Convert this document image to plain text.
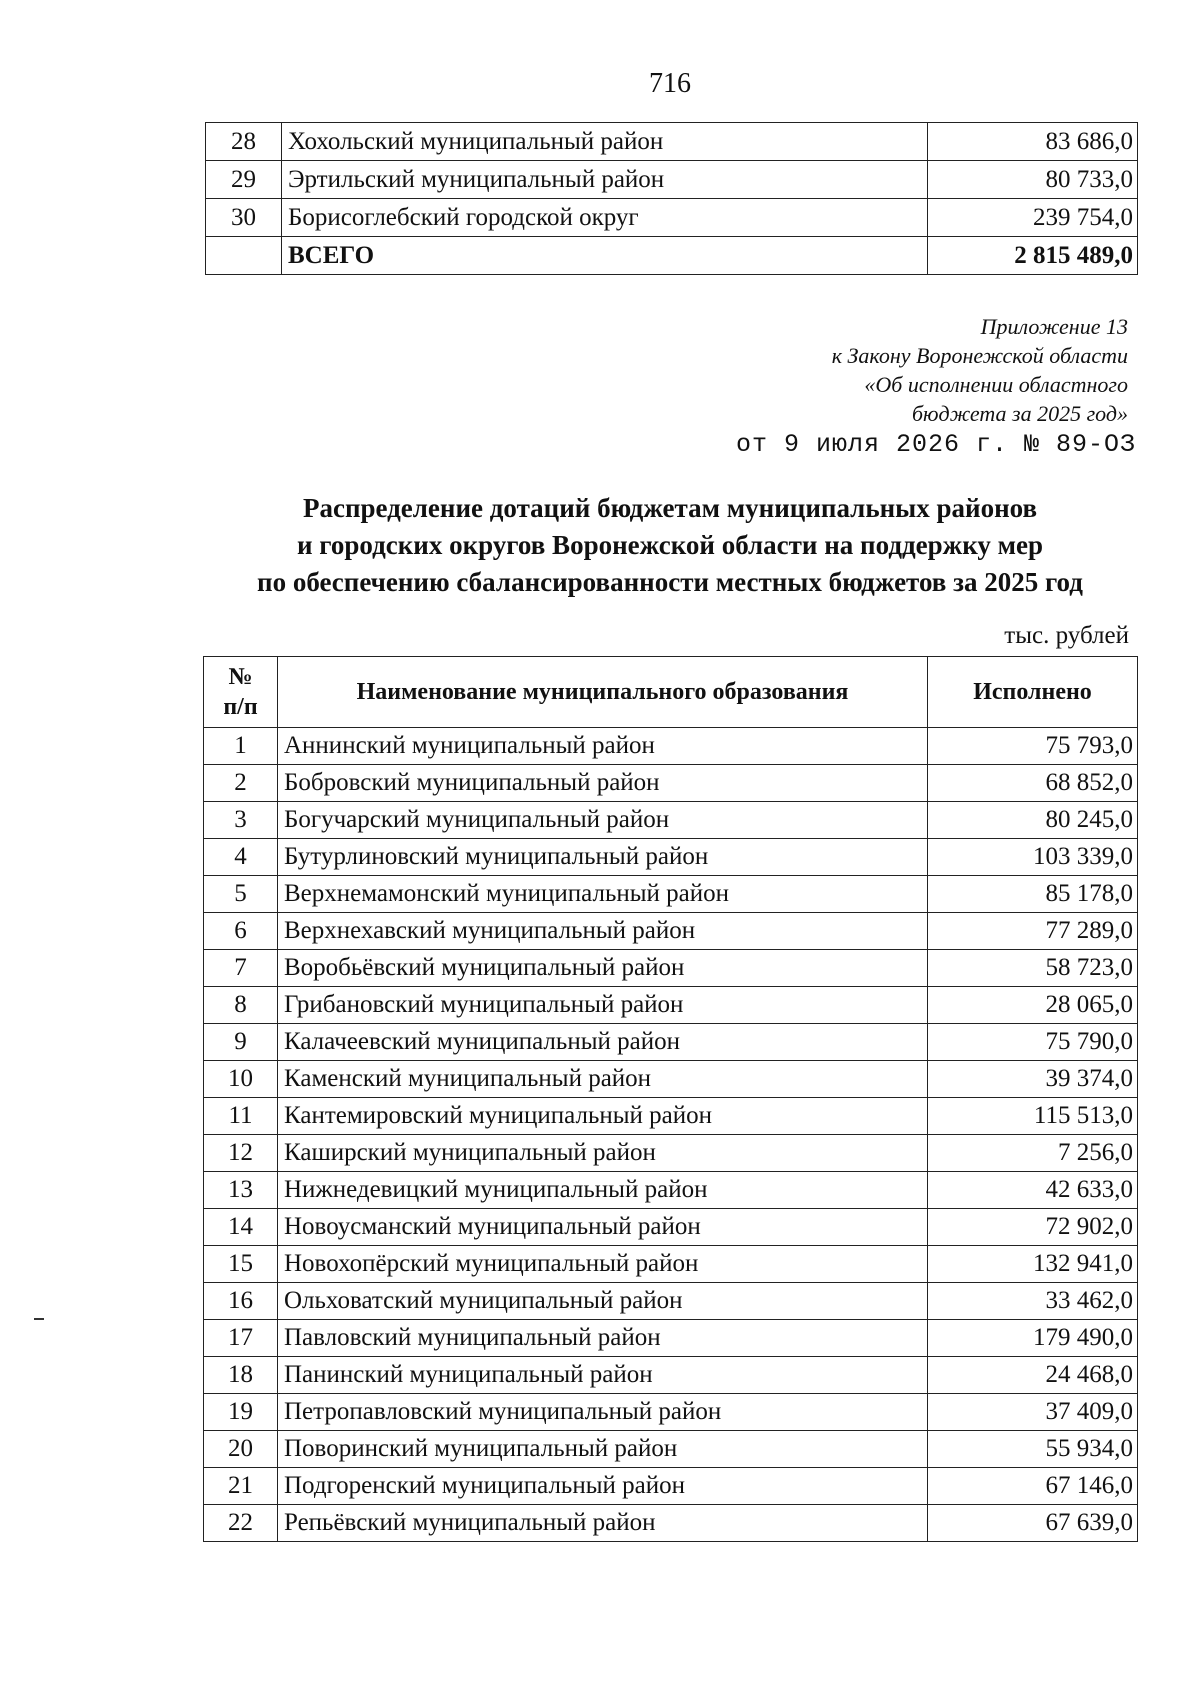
716
28	Хохольский муниципальный район	83 686,0
29	Эртильский муниципальный район	80 733,0
30	Борисоглебский городской округ	239 754,0
	ВСЕГО	2 815 489,0
Приложение 13
к Закону Воронежской области
«Об исполнении областного
бюджета за 2025 год»
от 9 июля 2026 г. № 89-ОЗ
Распределение дотаций бюджетам муниципальных районов
и городских округов Воронежской области на поддержку мер
по обеспечению сбалансированности местных бюджетов за 2025 год
тыс. рублей
№
п/п	Наименование муниципального образования	Исполнено
1	Аннинский муниципальный район	75 793,0
2	Бобровский муниципальный район	68 852,0
3	Богучарский муниципальный район	80 245,0
4	Бутурлиновский муниципальный район	103 339,0
5	Верхнемамонский муниципальный район	85 178,0
6	Верхнехавский муниципальный район	77 289,0
7	Воробьёвский муниципальный район	58 723,0
8	Грибановский муниципальный район	28 065,0
9	Калачеевский муниципальный район	75 790,0
10	Каменский муниципальный район	39 374,0
11	Кантемировский муниципальный район	115 513,0
12	Каширский муниципальный район	7 256,0
13	Нижнедевицкий муниципальный район	42 633,0
14	Новоусманский муниципальный район	72 902,0
15	Новохопёрский муниципальный район	132 941,0
16	Ольховатский муниципальный район	33 462,0
17	Павловский муниципальный район	179 490,0
18	Панинский муниципальный район	24 468,0
19	Петропавловский муниципальный район	37 409,0
20	Поворинский муниципальный район	55 934,0
21	Подгоренский муниципальный район	67 146,0
22	Репьёвский муниципальный район	67 639,0
